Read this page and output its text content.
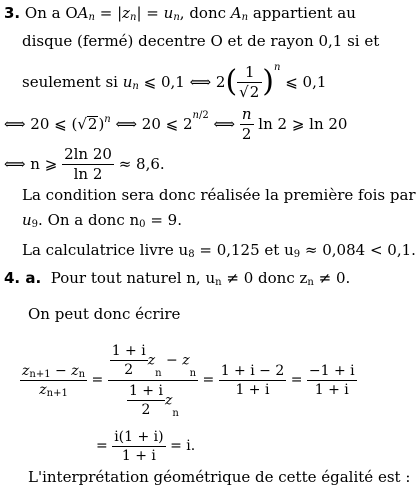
3. On a $OA_n = |z_n| = u_n$, donc $A_n$ appartient au
disque (fermé) decentre O et de rayon 0,1 si et
seulement si
$u_n$
⩽ 0,1 ⟺ 2 ( $\frac{1}{√2}$ ) $^n$

⩽ 0,1
⟺ 20 ⩽ (√ 2 ) $^n$
⟺ 20 ⩽ 2 $^{n/2}$
⟺
$\frac{n}{2}$
ln 2 ⩾ ln 20
⟺ n ⩾
$\frac{2\ln 20}{\ln 2}$
≈ 8,6.
La condition sera donc réalisée la première fois par
$u_9$. On a donc $n_0 = 9$.
La calculatrice livre $u_8 = 0,125$ et $u_9 \approx 0,084 < 0,1$.
4. a. Pour tout naturel n, $u_n \ne 0$ donc $z_n \ne 0$.
On peut donc écrire
$\frac{z_{n+1} - z_n}{z_{n+1}} = \frac{\frac{1 + i}{2} z_n - z_n}{\frac{1 + i}{2} z_n} = \frac{1 + i - 2}{1 + i} = \frac{-1 + i}{1 + i}$
= $\frac{i(1 + i)}{1 + i}$
= i.
L'interprétation géométrique de cette égalité est :
